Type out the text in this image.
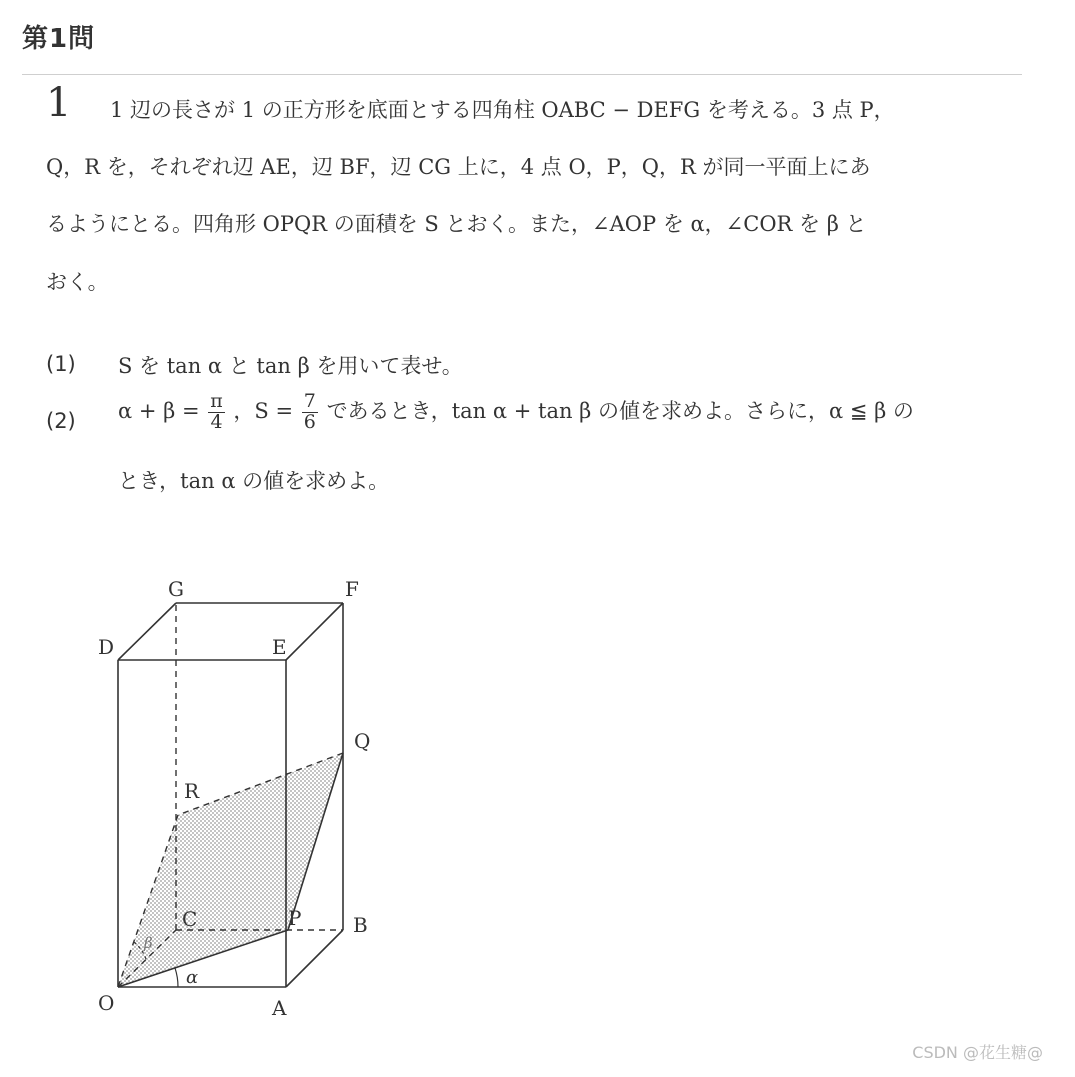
第1問
1 1 辺の長さが 1 の正方形を底面とする四角柱 OABC − DEFG を考える。3 点 P，
Q，R を，それぞれ辺 AE，辺 BF，辺 CG 上に，4 点 O，P，Q，R が同一平面上にあ
るようにとる。四角形 OPQR の面積を S とおく。また，∠AOP を α，∠COR を β と
おく。
(1) S を tan α と tan β を用いて表せ。
(2) $\alpha + \beta = \frac{\pi}{4}$ ，$S = \frac{7}{6}$ であるとき，tan α + tan β の値を求めよ。さらに，α ≦ β の
とき，tan α の値を求めよ。
G	F
D	E
Q
R
C	P	B
O	A
α
β
CSDN @花生糖@
